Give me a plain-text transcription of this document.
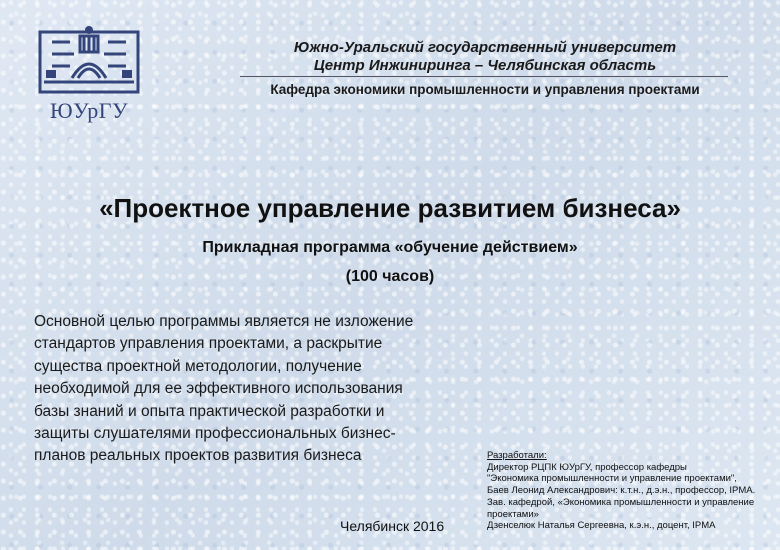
ЮУрГУ
Южно-Уральский государственный университет
Центр Инжиниринга – Челябинская область
Кафедра экономики промышленности и управления проектами
«Проектное управление развитием бизнеса»
Прикладная программа «обучение действием»
(100 часов)
Основной целью программы является не изложение стандартов управления проектами, а раскрытие существа проектной методологии, получение необходимой для ее эффективного использования базы знаний и опыта практической разработки и защиты слушателями профессиональных бизнес-планов реальных проектов развития бизнеса
Челябинск 2016
Разработали:
Директор РЦПК ЮУрГУ, профессор кафедры
"Экономика промышленности и управление проектами",
Баев Леонид Александрович: к.т.н., д.э.н., профессор, IPMA.
Зав. кафедрой, «Экономика промышленности и управление
проектами»
Дзенселюк Наталья Сергеевна, к.э.н., доцент, IPMA
